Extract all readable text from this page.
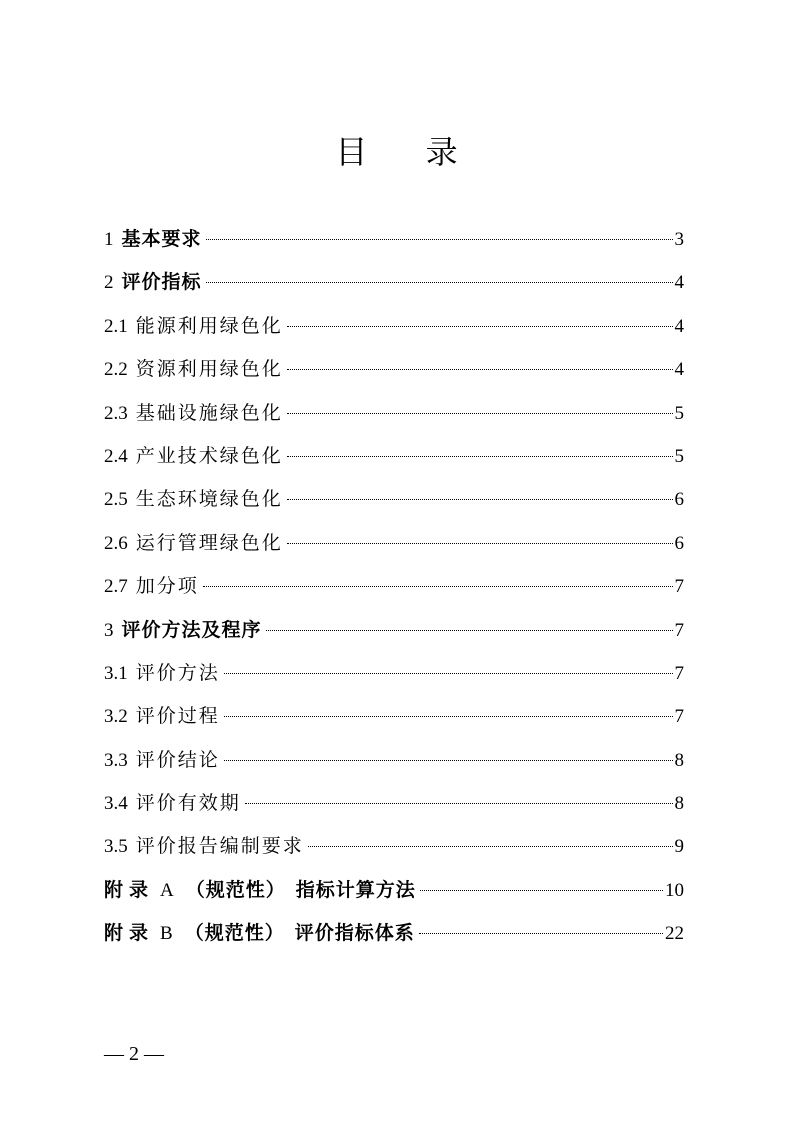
目 录
1 基本要求	3
2 评价指标	4
2.1 能源利用绿色化	4
2.2 资源利用绿色化	4
2.3 基础设施绿色化	5
2.4 产业技术绿色化	5
2.5 生态环境绿色化	6
2.6 运行管理绿色化	6
2.7 加分项	7
3 评价方法及程序	7
3.1 评价方法	7
3.2 评价过程	7
3.3 评价结论	8
3.4 评价有效期	8
3.5 评价报告编制要求	9
附录 A （规范性） 指标计算方法	10
附录 B （规范性） 评价指标体系	22
— 2 —
